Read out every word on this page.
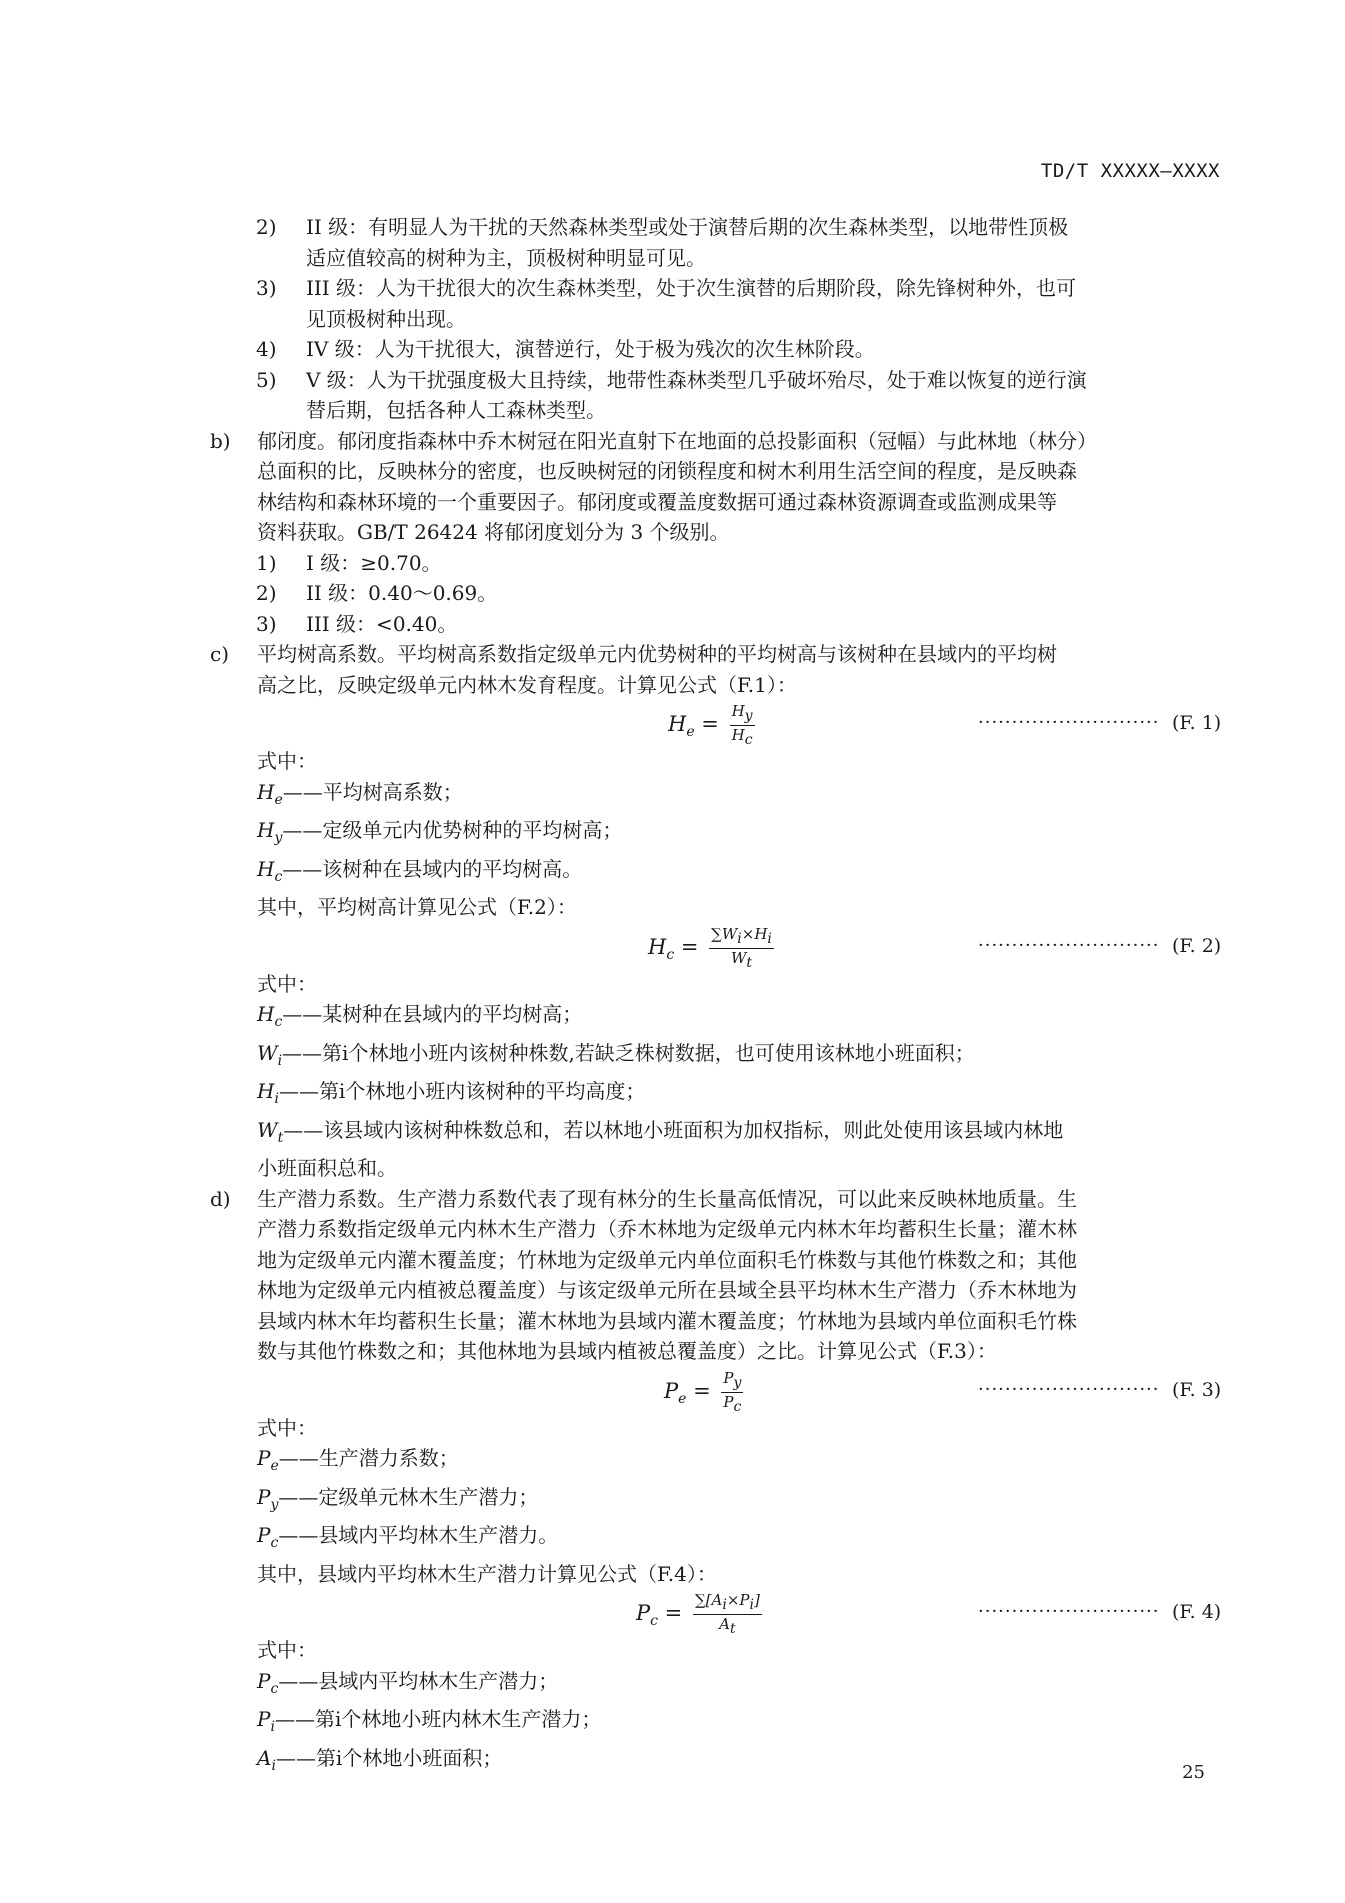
TD/T XXXXX—XXXX
2) II 级：有明显人为干扰的天然森林类型或处于演替后期的次生森林类型，以地带性顶极
适应值较高的树种为主，顶极树种明显可见。
3) III 级：人为干扰很大的次生森林类型，处于次生演替的后期阶段，除先锋树种外，也可
见顶极树种出现。
4) IV 级：人为干扰很大，演替逆行，处于极为残次的次生林阶段。
5) V 级：人为干扰强度极大且持续，地带性森林类型几乎破坏殆尽，处于难以恢复的逆行演
替后期，包括各种人工森林类型。
b) 郁闭度。郁闭度指森林中乔木树冠在阳光直射下在地面的总投影面积（冠幅）与此林地（林分）
总面积的比，反映林分的密度，也反映树冠的闭锁程度和树木利用生活空间的程度，是反映森
林结构和森林环境的一个重要因子。郁闭度或覆盖度数据可通过森林资源调查或监测成果等
资料获取。GB/T 26424 将郁闭度划分为 3 个级别。
1) I 级：≥0.70。
2) II 级：0.40～0.69。
3) III 级：<0.40。
c) 平均树高系数。平均树高系数指定级单元内优势树种的平均树高与该树种在县域内的平均树
高之比，反映定级单元内林木发育程度。计算见公式（F.1）：
$H_e = \frac{H_y}{H_c}$	··························· (F. 1)
式中：
$H_e——$平均树高系数；
$H_y——$定级单元内优势树种的平均树高；
$H_c——$该树种在县域内的平均树高。
其中，平均树高计算见公式（F.2）：
$H_c = \frac{\sum W_i\times H_i}{W_t}$	··························· (F. 2)
式中：
$H_c——$某树种在县域内的平均树高；
$W_i——$第i个林地小班内该树种株数,若缺乏株树数据，也可使用该林地小班面积；
$H_i——$第i个林地小班内该树种的平均高度；
$W_t——$该县域内该树种株数总和，若以林地小班面积为加权指标，则此处使用该县域内林地
小班面积总和。
d) 生产潜力系数。生产潜力系数代表了现有林分的生长量高低情况，可以此来反映林地质量。生
产潜力系数指定级单元内林木生产潜力（乔木林地为定级单元内林木年均蓄积生长量；灌木林
地为定级单元内灌木覆盖度；竹林地为定级单元内单位面积毛竹株数与其他竹株数之和；其他
林地为定级单元内植被总覆盖度）与该定级单元所在县域全县平均林木生产潜力（乔木林地为
县域内林木年均蓄积生长量；灌木林地为县域内灌木覆盖度；竹林地为县域内单位面积毛竹株
数与其他竹株数之和；其他林地为县域内植被总覆盖度）之比。计算见公式（F.3）：
$P_e = \frac{P_y}{P_c}$	··························· (F. 3)
式中：
$P_e——$生产潜力系数；
$P_y——$定级单元林木生产潜力；
$P_c——$县域内平均林木生产潜力。
其中，县域内平均林木生产潜力计算见公式（F.4）：
$P_c = \frac{\sum[A_i\times P_i]}{A_t}$	··························· (F. 4)
式中：
$P_c——$县域内平均林木生产潜力；
$P_i——$第i个林地小班内林木生产潜力；
$A_i——$第i个林地小班面积；
25
